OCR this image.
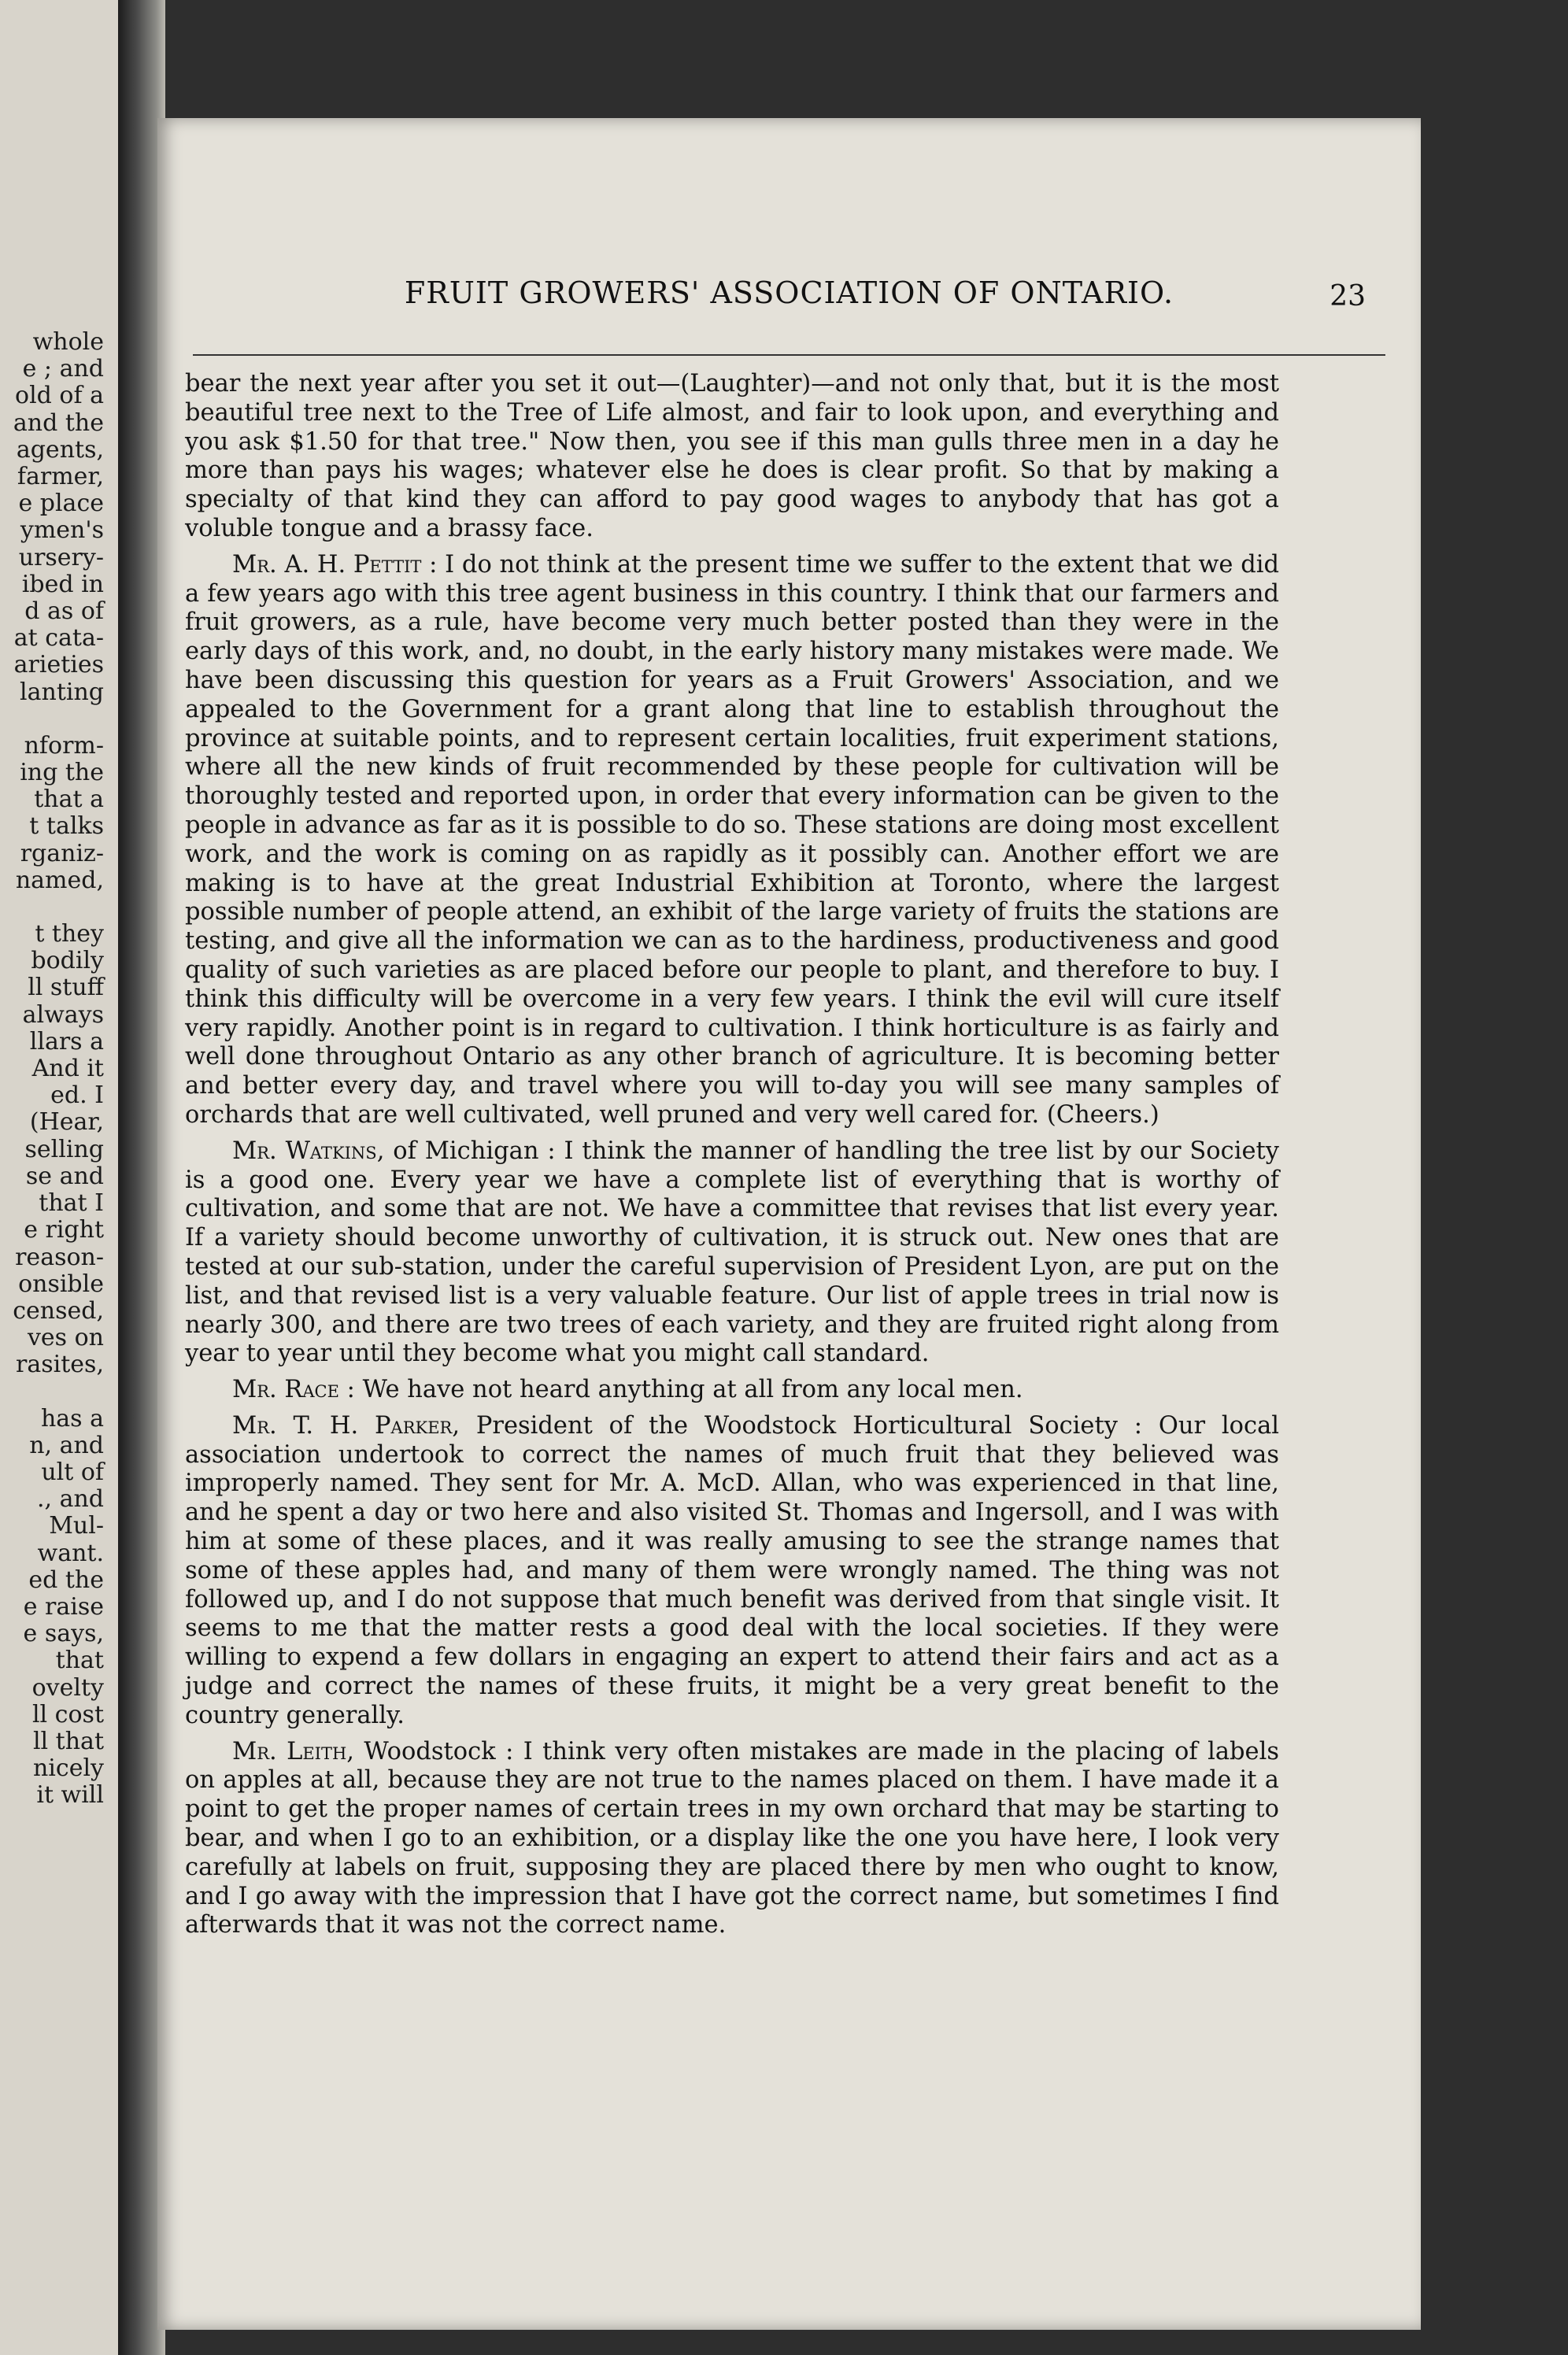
whole
e ; and
old of a
and the
agents,
farmer,
e place
ymen's
ursery-
ibed in
d as of
at cata-
arieties
lanting
nform-
ing the
that a
t talks
rganiz-
named,
t they
bodily
ll stuff
always
llars a
And it
ed. I
(Hear,
selling
se and
that I
e right
reason-
onsible
censed,
ves on
rasites,
has a
n, and
ult of
., and
Mul-
want.
ed the
e raise
e says,
that
ovelty
ll cost
ll that
nicely
it will
FRUIT GROWERS' ASSOCIATION OF ONTARIO.	23

bear the next year after you set it out—(Laughter)—and not only that, but it is the most beautiful tree next to the Tree of Life almost, and fair to look upon, and everything and you ask $1.50 for that tree." Now then, you see if this man gulls three men in a day he more than pays his wages; whatever else he does is clear profit. So that by making a specialty of that kind they can afford to pay good wages to anybody that has got a voluble tongue and a brassy face.

Mr. A. H. Pettit : I do not think at the present time we suffer to the extent that we did a few years ago with this tree agent business in this country. I think that our farmers and fruit growers, as a rule, have become very much better posted than they were in the early days of this work, and, no doubt, in the early history many mistakes were made. We have been discussing this question for years as a Fruit Growers' Association, and we appealed to the Government for a grant along that line to establish throughout the province at suitable points, and to represent certain localities, fruit experiment stations, where all the new kinds of fruit recommended by these people for cultivation will be thoroughly tested and reported upon, in order that every information can be given to the people in advance as far as it is possible to do so. These stations are doing most excellent work, and the work is coming on as rapidly as it possibly can. Another effort we are making is to have at the great Industrial Exhibition at Toronto, where the largest possible number of people attend, an exhibit of the large variety of fruits the stations are testing, and give all the information we can as to the hardiness, productiveness and good quality of such varieties as are placed before our people to plant, and therefore to buy. I think this difficulty will be overcome in a very few years. I think the evil will cure itself very rapidly. Another point is in regard to cultivation. I think horticulture is as fairly and well done throughout Ontario as any other branch of agriculture. It is becoming better and better every day, and travel where you will to-day you will see many samples of orchards that are well cultivated, well pruned and very well cared for. (Cheers.)

Mr. Watkins, of Michigan : I think the manner of handling the tree list by our Society is a good one. Every year we have a complete list of everything that is worthy of cultivation, and some that are not. We have a committee that revises that list every year. If a variety should become unworthy of cultivation, it is struck out. New ones that are tested at our sub-station, under the careful supervision of President Lyon, are put on the list, and that revised list is a very valuable feature. Our list of apple trees in trial now is nearly 300, and there are two trees of each variety, and they are fruited right along from year to year until they become what you might call standard.

Mr. Race : We have not heard anything at all from any local men.

Mr. T. H. Parker, President of the Woodstock Horticultural Society : Our local association undertook to correct the names of much fruit that they believed was improperly named. They sent for Mr. A. McD. Allan, who was experienced in that line, and he spent a day or two here and also visited St. Thomas and Ingersoll, and I was with him at some of these places, and it was really amusing to see the strange names that some of these apples had, and many of them were wrongly named. The thing was not followed up, and I do not suppose that much benefit was derived from that single visit. It seems to me that the matter rests a good deal with the local societies. If they were willing to expend a few dollars in engaging an expert to attend their fairs and act as a judge and correct the names of these fruits, it might be a very great benefit to the country generally.

Mr. Leith, Woodstock : I think very often mistakes are made in the placing of labels on apples at all, because they are not true to the names placed on them. I have made it a point to get the proper names of certain trees in my own orchard that may be starting to bear, and when I go to an exhibition, or a display like the one you have here, I look very carefully at labels on fruit, supposing they are placed there by men who ought to know, and I go away with the impression that I have got the correct name, but sometimes I find afterwards that it was not the correct name.
